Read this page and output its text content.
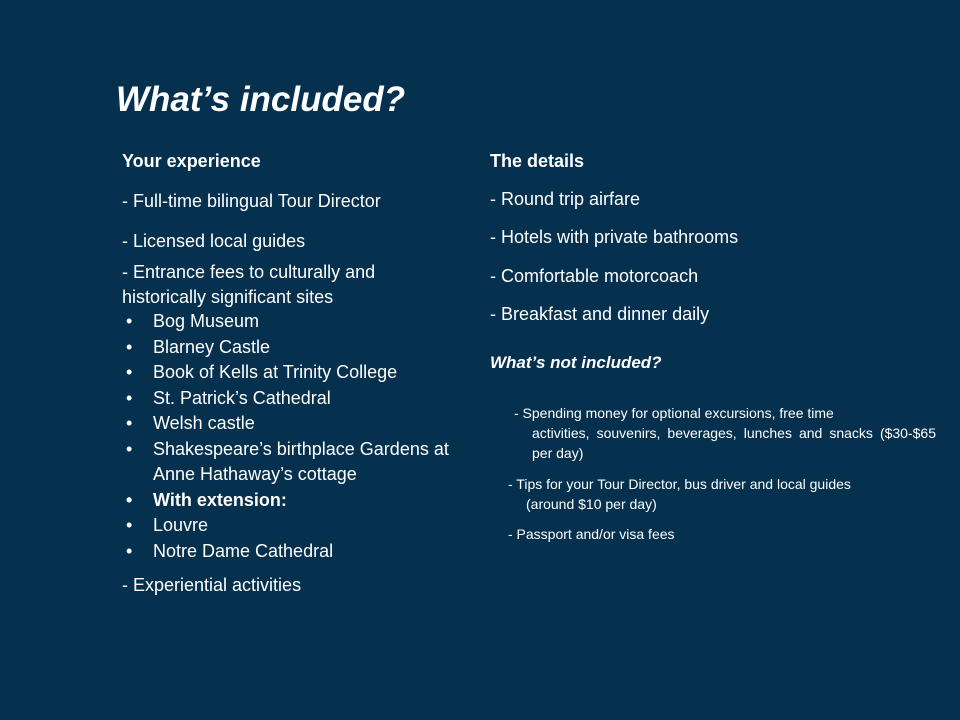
What’s included?
Your experience
- Full-time bilingual Tour Director
- Licensed local guides
- Entrance fees to culturally and historically significant sites
• Bog Museum
• Blarney Castle
• Book of Kells at Trinity College
• St. Patrick’s Cathedral
• Welsh castle
• Shakespeare’s birthplace Gardens at Anne Hathaway’s cottage
• With extension:
• Louvre
• Notre Dame Cathedral
- Experiential activities
The details
- Round trip airfare
- Hotels with private bathrooms
- Comfortable motorcoach
- Breakfast and dinner daily
What’s not included?
- Spending money for optional excursions, free time
activities, souvenirs, beverages, lunches and snacks ($30-$65 per day)
- Tips for your Tour Director, bus driver and local guides
(around $10 per day)
- Passport and/or visa fees
